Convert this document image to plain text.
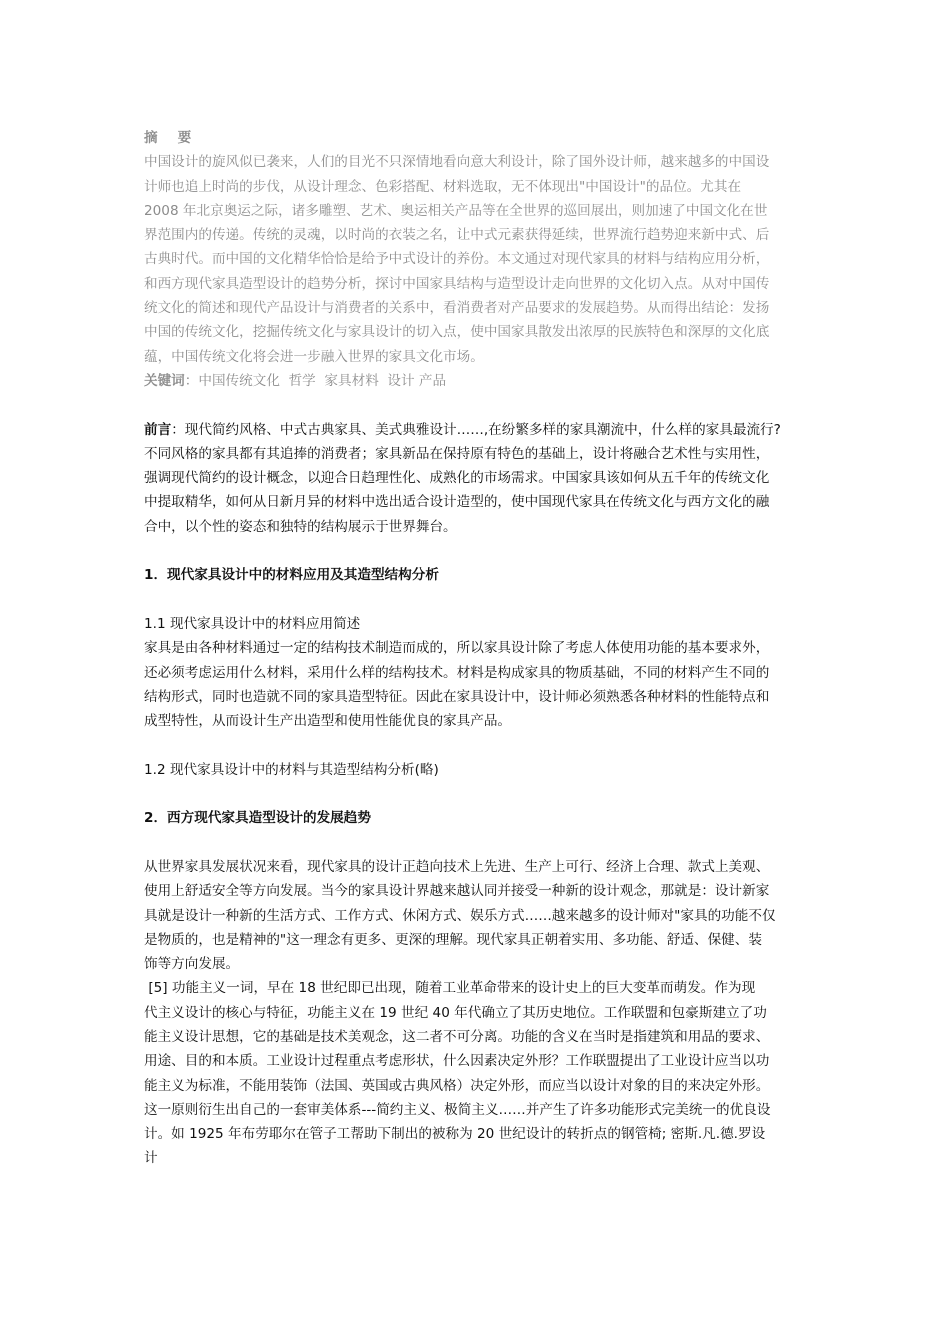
摘 要
中国设计的旋风似已袭来，人们的目光不只深情地看向意大利设计，除了国外设计师，越来越多的中国设
计师也追上时尚的步伐，从设计理念、色彩搭配、材料选取，无不体现出"中国设计"的品位。尤其在
2008 年北京奥运之际，诸多雕塑、艺术、奥运相关产品等在全世界的巡回展出，则加速了中国文化在世
界范围内的传递。传统的灵魂，以时尚的衣装之名，让中式元素获得延续，世界流行趋势迎来新中式、后
古典时代。而中国的文化精华恰恰是给予中式设计的养份。本文通过对现代家具的材料与结构应用分析，
和西方现代家具造型设计的趋势分析，探讨中国家具结构与造型设计走向世界的文化切入点。从对中国传
统文化的简述和现代产品设计与消费者的关系中，看消费者对产品要求的发展趋势。从而得出结论：发扬
中国的传统文化，挖掘传统文化与家具设计的切入点，使中国家具散发出浓厚的民族特色和深厚的文化底
蕴，中国传统文化将会进一步融入世界的家具文化市场。
关键词：中国传统文化  哲学  家具材料  设计 产品
前言：现代简约风格、中式古典家具、美式典雅设计……,在纷繁多样的家具潮流中，什么样的家具最流行?
不同风格的家具都有其追捧的消费者；家具新品在保持原有特色的基础上，设计将融合艺术性与实用性，
强调现代简约的设计概念，以迎合日趋理性化、成熟化的市场需求。中国家具该如何从五千年的传统文化
中提取精华，如何从日新月异的材料中选出适合设计造型的，使中国现代家具在传统文化与西方文化的融
合中，以个性的姿态和独特的结构展示于世界舞台。
1．现代家具设计中的材料应用及其造型结构分析
1.1 现代家具设计中的材料应用简述
家具是由各种材料通过一定的结构技术制造而成的，所以家具设计除了考虑人体使用功能的基本要求外，
还必须考虑运用什么材料，采用什么样的结构技术。材料是构成家具的物质基础，不同的材料产生不同的
结构形式，同时也造就不同的家具造型特征。因此在家具设计中，设计师必须熟悉各种材料的性能特点和
成型特性，从而设计生产出造型和使用性能优良的家具产品。
1.2 现代家具设计中的材料与其造型结构分析(略)
2．西方现代家具造型设计的发展趋势
从世界家具发展状况来看，现代家具的设计正趋向技术上先进、生产上可行、经济上合理、款式上美观、
使用上舒适安全等方向发展。当今的家具设计界越来越认同并接受一种新的设计观念，那就是：设计新家
具就是设计一种新的生活方式、工作方式、休闲方式、娱乐方式……越来越多的设计师对"家具的功能不仅
是物质的，也是精神的"这一理念有更多、更深的理解。现代家具正朝着实用、多功能、舒适、保健、装
饰等方向发展。
[5] 功能主义一词，早在 18 世纪即已出现，随着工业革命带来的设计史上的巨大变革而萌发。作为现
代主义设计的核心与特征，功能主义在 19 世纪 40 年代确立了其历史地位。工作联盟和包豪斯建立了功
能主义设计思想，它的基础是技术美观念，这二者不可分离。功能的含义在当时是指建筑和用品的要求、
用途、目的和本质。工业设计过程重点考虑形状，什么因素决定外形？工作联盟提出了工业设计应当以功
能主义为标准，不能用装饰（法国、英国或古典风格）决定外形，而应当以设计对象的目的来决定外形。
这一原则衍生出自己的一套审美体系---简约主义、极简主义……并产生了许多功能形式完美统一的优良设
计。如 1925 年布劳耶尔在管子工帮助下制出的被称为 20 世纪设计的转折点的钢管椅; 密斯.凡.德.罗设
计
